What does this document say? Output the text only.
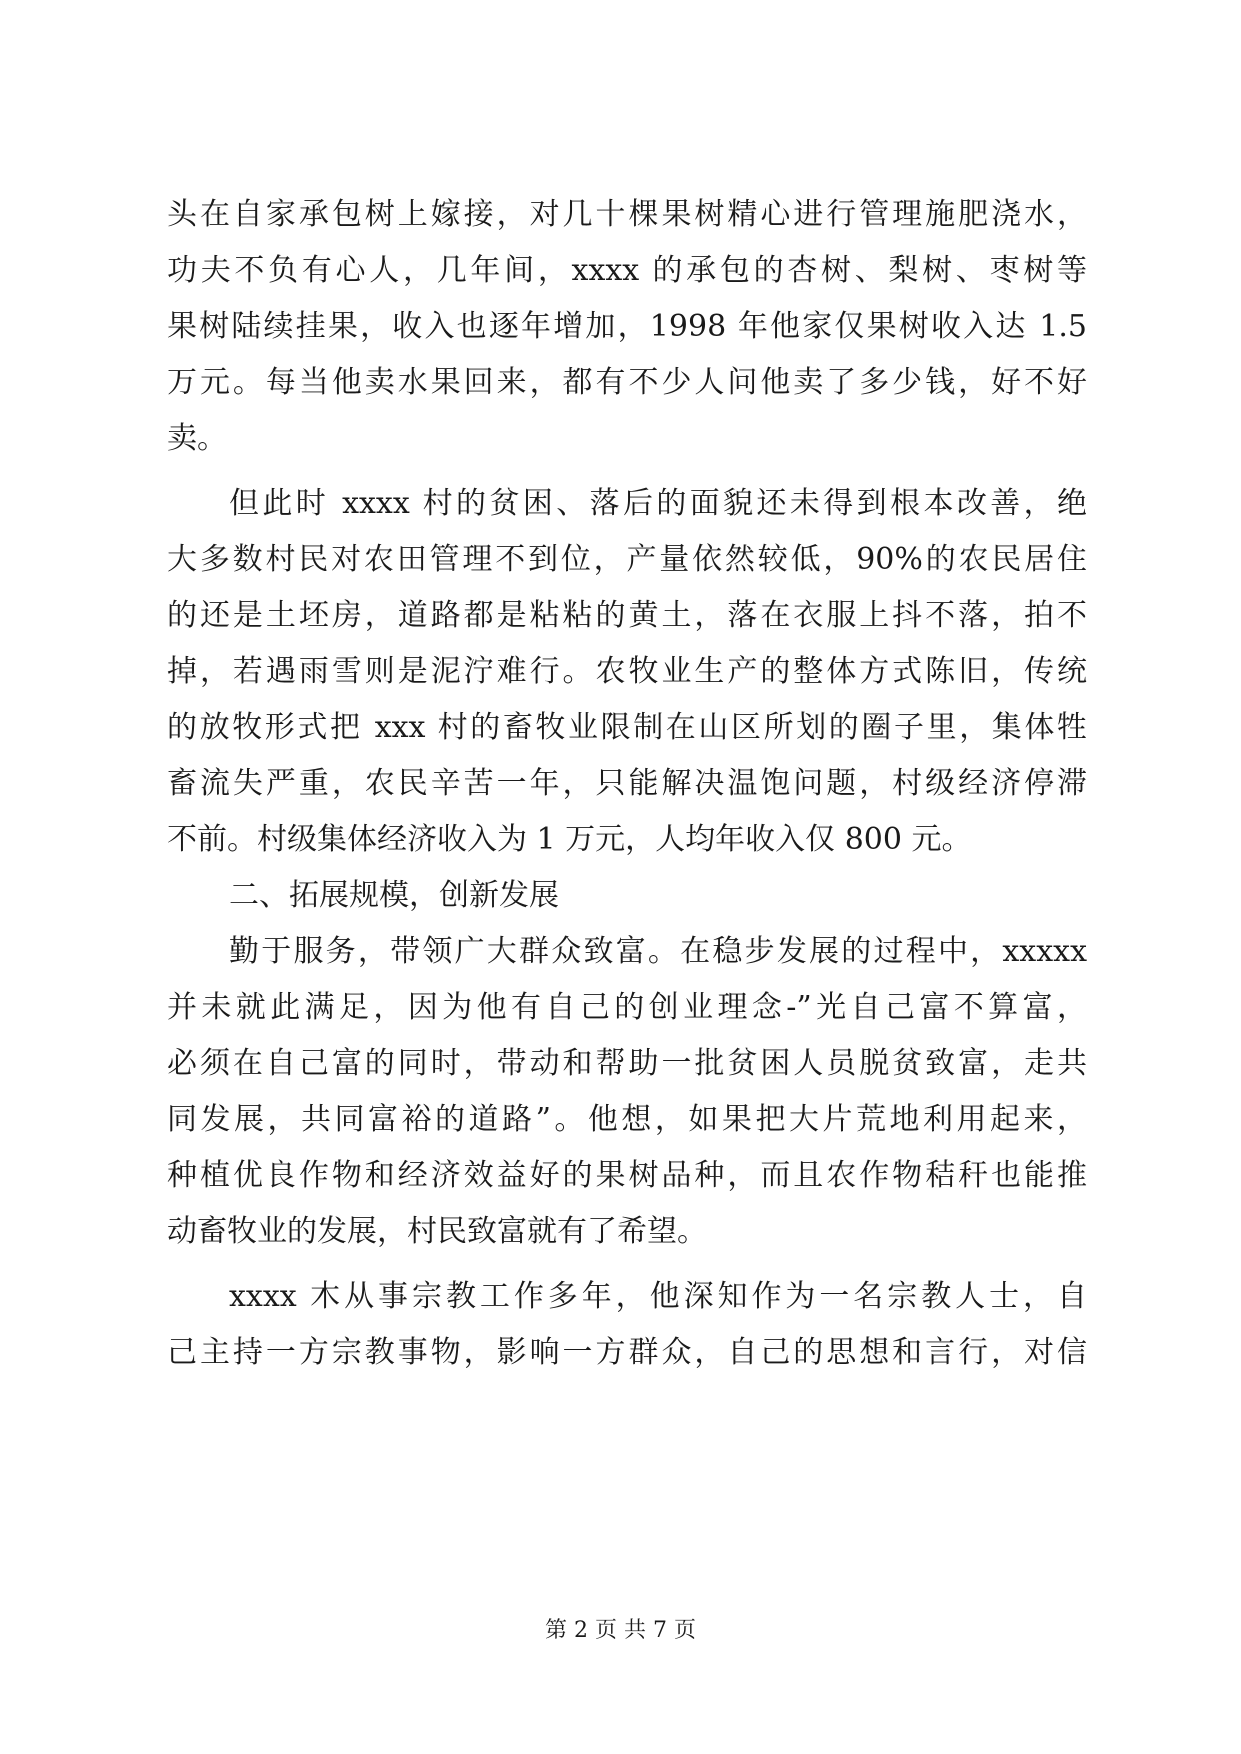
头在自家承包树上嫁接，对几十棵果树精心进行管理施肥浇水，
功夫不负有心人，几年间，xxxx 的承包的杏树、梨树、枣树等
果树陆续挂果，收入也逐年增加，1998 年他家仅果树收入达 1.5
万元。每当他卖水果回来，都有不少人问他卖了多少钱，好不好
卖。
但此时 xxxx 村的贫困、落后的面貌还未得到根本改善，绝
大多数村民对农田管理不到位，产量依然较低，90%的农民居住
的还是土坯房，道路都是粘粘的黄土，落在衣服上抖不落，拍不
掉，若遇雨雪则是泥泞难行。农牧业生产的整体方式陈旧，传统
的放牧形式把 xxx 村的畜牧业限制在山区所划的圈子里，集体牲
畜流失严重，农民辛苦一年，只能解决温饱问题，村级经济停滞
不前。村级集体经济收入为 1 万元，人均年收入仅 800 元。
二、拓展规模，创新发展
勤于服务，带领广大群众致富。在稳步发展的过程中，xxxxx
并未就此满足，因为他有自己的创业理念-”光自己富不算富，
必须在自己富的同时，带动和帮助一批贫困人员脱贫致富，走共
同发展，共同富裕的道路”。他想，如果把大片荒地利用起来，
种植优良作物和经济效益好的果树品种，而且农作物秸秆也能推
动畜牧业的发展，村民致富就有了希望。
xxxx 木从事宗教工作多年，他深知作为一名宗教人士，自
己主持一方宗教事物，影响一方群众，自己的思想和言行，对信
第 2 页 共 7 页
